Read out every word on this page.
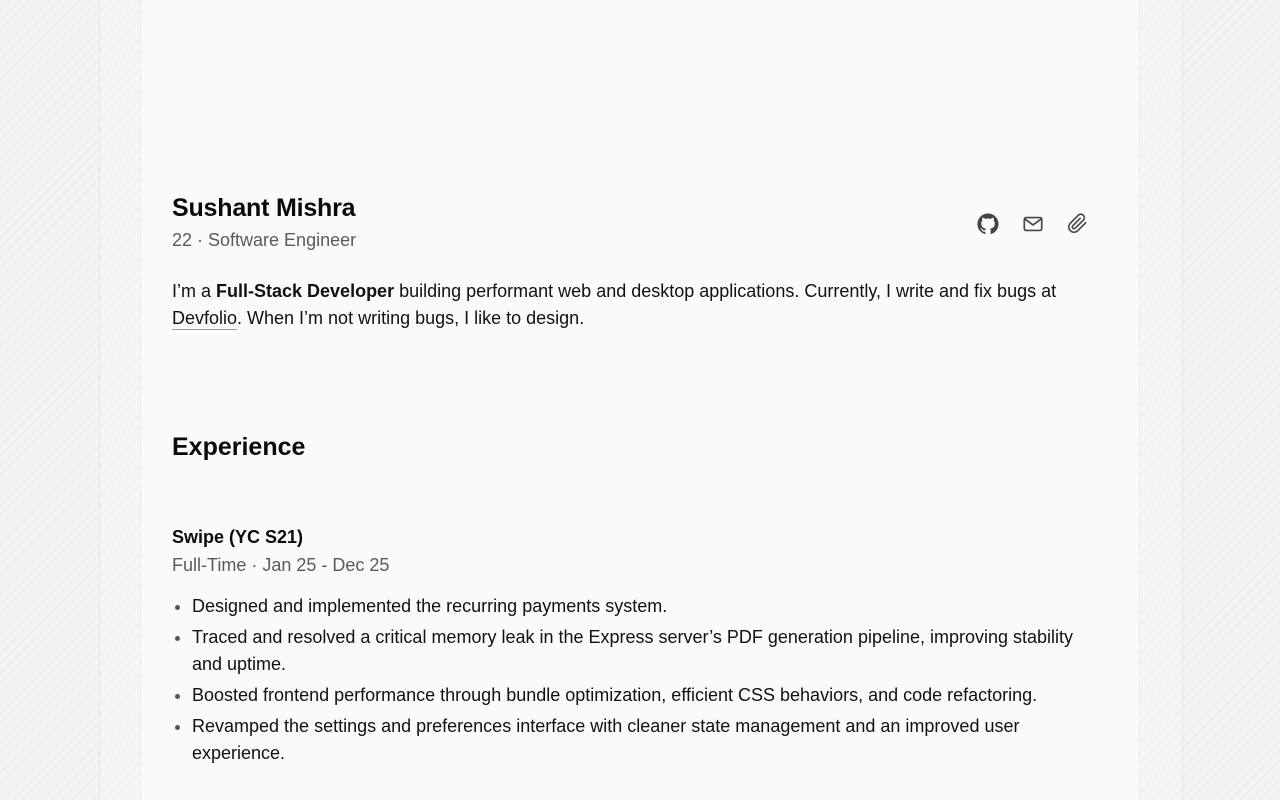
Sushant Mishra
22 · Software Engineer

I’m a Full-Stack Developer building performant web and desktop applications. Currently, I write and fix bugs at Devfolio. When I’m not writing bugs, I like to design.

Experience
Swipe (YC S21)
Full-Time · Jan 25 - Dec 25
• Designed and implemented the recurring payments system.
• Traced and resolved a critical memory leak in the Express server’s PDF generation pipeline, improving stability and uptime.
• Boosted frontend performance through bundle optimization, efficient CSS behaviors, and code refactoring.
• Revamped the settings and preferences interface with cleaner state management and an improved user experience.
